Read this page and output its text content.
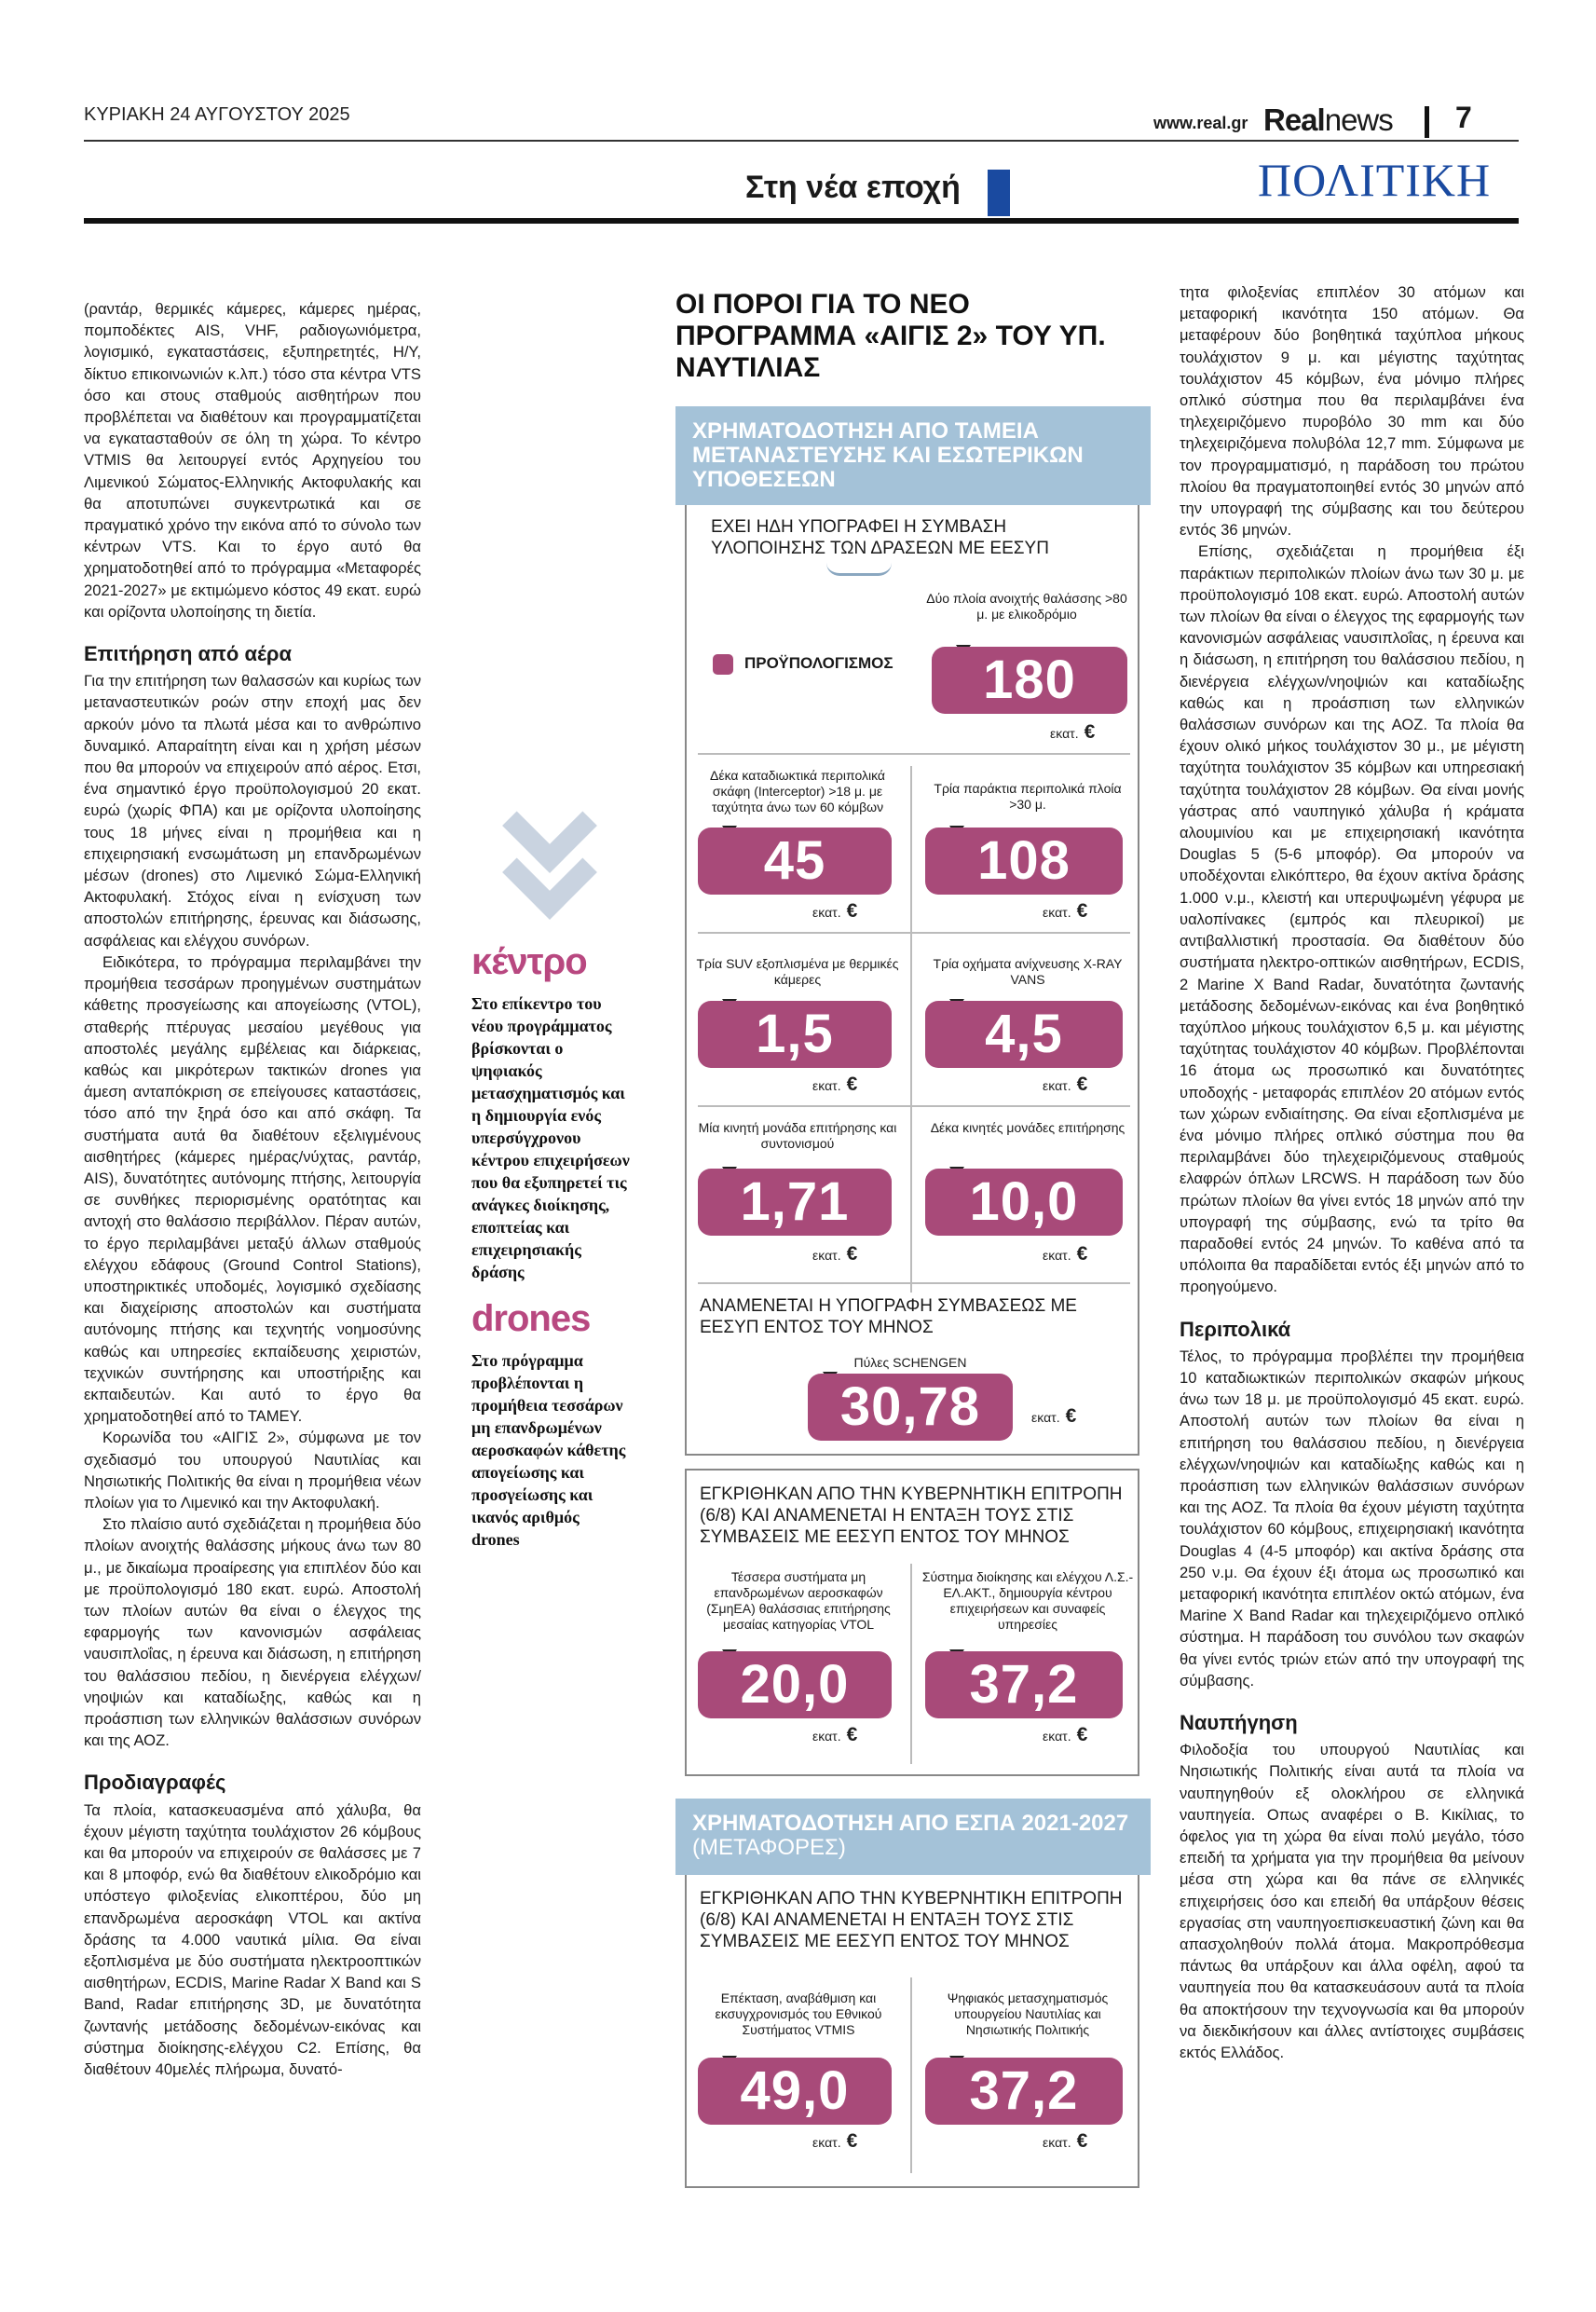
ΚΥΡΙΑΚΗ 24 ΑΥΓΟΥΣΤΟΥ 2025	www.real.gr Realnews 7
Στη νέα εποχή	ΠΟΛΙΤΙΚΗ

(ραντάρ, θερμικές κάμερες, κάμερες ημέρας, πομποδέκτες AIS, VHF, ραδιογωνιόμετρα, λογισμικό, εγκαταστάσεις, εξυπηρετητές, Η/Υ, δίκτυο επικοινωνιών κ.λπ.) τόσο στα κέντρα VTS όσο και στους σταθμούς αισθητήρων που προβλέπεται να διαθέτουν και προγραμματίζεται να εγκατασταθούν σε όλη τη χώρα. Το κέντρο VTMIS θα λειτουργεί εντός Αρχηγείου του Λιμενικού Σώματος-Ελληνικής Ακτοφυλακής και θα αποτυπώνει συγκεντρωτικά και σε πραγματικό χρόνο την εικόνα από το σύνολο των κέντρων VTS. Και το έργο αυτό θα χρηματοδοτηθεί από το πρόγραμμα «Μεταφορές 2021-2027» με εκτιμώμενο κόστος 49 εκατ. ευρώ και ορίζοντα υλοποίησης τη διετία.

Επιτήρηση από αέρα

Για την επιτήρηση των θαλασσών και κυρίως των μεταναστευτικών ροών στην εποχή μας δεν αρκούν μόνο τα πλωτά μέσα και το ανθρώπινο δυναμικό. Απαραίτητη είναι και η χρήση μέσων που θα μπορούν να επιχειρούν από αέρος. Ετσι, ένα σημαντικό έργο προϋπολογισμού 20 εκατ. ευρώ (χωρίς ΦΠΑ) και με ορίζοντα υλοποίησης τους 18 μήνες είναι η προμήθεια και η επιχειρησιακή ενσωμάτωση μη επανδρωμένων μέσων (drones) στο Λιμενικό Σώμα-Ελληνική Ακτοφυλακή. Στόχος είναι η ενίσχυση των αποστολών επιτήρησης, έρευνας και διάσωσης, ασφάλειας και ελέγχου συνόρων.

Ειδικότερα, το πρόγραμμα περιλαμβάνει την προμήθεια τεσσάρων προηγμένων συστημάτων κάθετης προσγείωσης και απογείωσης (VTOL), σταθερής πτέρυγας μεσαίου μεγέθους για αποστολές μεγάλης εμβέλειας και διάρκειας, καθώς και μικρότερων τακτικών drones για άμεση ανταπόκριση σε επείγουσες καταστάσεις, τόσο από την ξηρά όσο και από σκάφη. Τα συστήματα αυτά θα διαθέτουν εξελιγμένους αισθητήρες (κάμερες ημέρας/νύχτας, ραντάρ, AIS), δυνατότητες αυτόνομης πτήσης, λειτουργία σε συνθήκες περιορισμένης ορατότητας και αντοχή στο θαλάσσιο περιβάλλον. Πέραν αυτών, το έργο περιλαμβάνει μεταξύ άλλων σταθμούς ελέγχου εδάφους (Ground Control Stations), υποστηρικτικές υποδομές, λογισμικό σχεδίασης και διαχείρισης αποστολών και συστήματα αυτόνομης πτήσης και τεχνητής νοημοσύνης καθώς και υπηρεσίες εκπαίδευσης χειριστών, τεχνικών συντήρησης και υποστήριξης και εκπαιδευτών. Και αυτό το έργο θα χρηματοδοτηθεί από το ΤΑΜΕΥ.

Κορωνίδα του «ΑΙΓΙΣ 2», σύμφωνα με τον σχεδιασμό του υπουργού Ναυτιλίας και Νησιωτικής Πολιτικής θα είναι η προμήθεια νέων πλοίων για το Λιμενικό και την Ακτοφυλακή.

Στο πλαίσιο αυτό σχεδιάζεται η προμήθεια δύο πλοίων ανοιχτής θαλάσσης μήκους άνω των 80 μ., με δικαίωμα προαίρεσης για επιπλέον δύο και με προϋπολογισμό 180 εκατ. ευρώ. Αποστολή των πλοίων αυτών θα είναι ο έλεγχος της εφαρμογής των κανονισμών ασφάλειας ναυσιπλοΐας, η έρευνα και διάσωση, η επιτήρηση του θαλάσσιου πεδίου, η διενέργεια ελέγχων/νηοψιών και καταδίωξης, καθώς και η προάσπιση των ελληνικών θαλάσσιων συνόρων και της ΑΟΖ.

Προδιαγραφές

Τα πλοία, κατασκευασμένα από χάλυβα, θα έχουν μέγιστη ταχύτητα τουλάχιστον 26 κόμβους και θα μπορούν να επιχειρούν σε θαλάσσες με 7 και 8 μποφόρ, ενώ θα διαθέτουν ελικοδρόμιο και υπόστεγο φιλοξενίας ελικοπτέρου, δύο μη επανδρωμένα αεροσκάφη VTOL και ακτίνα δράσης τα 4.000 ναυτικά μίλια. Θα είναι εξοπλισμένα με δύο συστήματα ηλεκτροοπτικών αισθητήρων, ECDIS, Marine Radar X Band και S Band, Radar επιτήρησης 3D, με δυνατότητα ζωντανής μετάδοσης δεδομένων-εικόνας και σύστημα διοίκησης-ελέγχου C2. Επίσης, θα διαθέτουν 40μελές πλήρωμα, δυνατό-

τητα φιλοξενίας επιπλέον 30 ατόμων και μεταφορική ικανότητα 150 ατόμων. Θα μεταφέρουν δύο βοηθητικά ταχύπλοα μήκους τουλάχιστον 9 μ. και μέγιστης ταχύτητας τουλάχιστον 45 κόμβων, ένα μόνιμο πλήρες οπλικό σύστημα που θα περιλαμβάνει ένα τηλεχειριζόμενο πυροβόλο 30 mm και δύο τηλεχειριζόμενα πολυβόλα 12,7 mm. Σύμφωνα με τον προγραμματισμό, η παράδοση του πρώτου πλοίου θα πραγματοποιηθεί εντός 30 μηνών από την υπογραφή της σύμβασης και του δεύτερου εντός 36 μηνών.

Επίσης, σχεδιάζεται η προμήθεια έξι παράκτιων περιπολικών πλοίων άνω των 30 μ. με προϋπολογισμό 108 εκατ. ευρώ. Αποστολή αυτών των πλοίων θα είναι ο έλεγχος της εφαρμογής των κανονισμών ασφάλειας ναυσιπλοΐας, η έρευνα και η διάσωση, η επιτήρηση του θαλάσσιου πεδίου, η διενέργεια ελέγχων/νηοψιών και καταδίωξης καθώς και η προάσπιση των ελληνικών θαλάσσιων συνόρων και της ΑΟΖ. Τα πλοία θα έχουν ολικό μήκος τουλάχιστον 30 μ., με μέγιστη ταχύτητα τουλάχιστον 35 κόμβων και υπηρεσιακή ταχύτητα τουλάχιστον 28 κόμβων. Θα είναι μονής γάστρας από ναυπηγικό χάλυβα ή κράματα αλουμινίου και με επιχειρησιακή ικανότητα Douglas 5 (5-6 μποφόρ). Θα μπορούν να υποδέχονται ελικόπτερο, θα έχουν ακτίνα δράσης 1.000 ν.μ., κλειστή και υπερυψωμένη γέφυρα με υαλοπίνακες (εμπρός και πλευρικοί) με αντιβαλλιστική προστασία. Θα διαθέτουν δύο συστήματα ηλεκτρο-οπτικών αισθητήρων, ECDIS, 2 Marine X Band Radar, δυνατότητα ζωντανής μετάδοσης δεδομένων-εικόνας και ένα βοηθητικό ταχύπλοο μήκους τουλάχιστον 6,5 μ. και μέγιστης ταχύτητας τουλάχιστον 40 κόμβων. Προβλέπονται 16 άτομα ως προσωπικό και δυνατότητες υποδοχής - μεταφοράς επιπλέον 20 ατόμων εντός των χώρων ενδιαίτησης. Θα είναι εξοπλισμένα με ένα μόνιμο πλήρες οπλικό σύστημα που θα περιλαμβάνει δύο τηλεχειριζόμενους σταθμούς ελαφρών όπλων LRCWS. Η παράδοση των δύο πρώτων πλοίων θα γίνει εντός 18 μηνών από την υπογραφή της σύμβασης, ενώ τα τρίτο θα παραδοθεί εντός 24 μηνών. Το καθένα από τα υπόλοιπα θα παραδίδεται εντός έξι μηνών από το προηγούμενο.

Περιπολικά

Τέλος, το πρόγραμμα προβλέπει την προμήθεια 10 καταδιωκτικών περιπολικών σκαφών μήκους άνω των 18 μ. με προϋπολογισμό 45 εκατ. ευρώ. Αποστολή αυτών των πλοίων θα είναι η επιτήρηση του θαλάσσιου πεδίου, η διενέργεια ελέγχων/νηοψιών και καταδίωξης καθώς και η προάσπιση των ελληνικών θαλάσσιων συνόρων και της ΑΟΖ. Τα πλοία θα έχουν μέγιστη ταχύτητα τουλάχιστον 60 κόμβους, επιχειρησιακή ικανότητα Douglas 4 (4-5 μποφόρ) και ακτίνα δράσης στα 250 ν.μ. Θα έχουν έξι άτομα ως προσωπικό και μεταφορική ικανότητα επιπλέον οκτώ ατόμων, ένα Marine X Band Radar και τηλεχειριζόμενο οπλικό σύστημα. Η παράδοση του συνόλου των σκαφών θα γίνει εντός τριών ετών από την υπογραφή της σύμβασης.

Ναυπήγηση

Φιλοδοξία του υπουργού Ναυτιλίας και Νησιωτικής Πολιτικής είναι αυτά τα πλοία να ναυπηγηθούν εξ ολοκλήρου σε ελληνικά ναυπηγεία. Οπως αναφέρει ο Β. Κικίλιας, το όφελος για τη χώρα θα είναι πολύ μεγάλο, τόσο επειδή τα χρήματα για την προμήθεια θα μείνουν μέσα στη χώρα και θα πάνε σε ελληνικές επιχειρήσεις όσο και επειδή θα υπάρξουν θέσεις εργασίας στη ναυπηγοεπισκευαστική ζώνη και θα απασχοληθούν πολλά άτομα. Μακροπρόθεσμα πάντως θα υπάρξουν και άλλα οφέλη, αφού τα ναυπηγεία που θα κατασκευάσουν αυτά τα πλοία θα αποκτήσουν την τεχνογνωσία και θα μπορούν να διεκδικήσουν και άλλες αντίστοιχες συμβάσεις εκτός Ελλάδος.

κέντρο
Στο επίκεντρο του νέου προγράμματος βρίσκονται ο ψηφιακός μετασχηματισμός και η δημιουργία ενός υπερσύγχρονου κέντρου επιχειρήσεων που θα εξυπηρετεί τις ανάγκες διοίκησης, εποπτείας και επιχειρησιακής δράσης
drones
Στο πρόγραμμα προβλέπονται η προμήθεια τεσσάρων μη επανδρωμένων αεροσκαφών κάθετης απογείωσης και προσγείωσης και ικανός αριθμός drones
ΟΙ ΠΟΡΟΙ ΓΙΑ ΤΟ ΝΕΟ ΠΡΟΓΡΑΜΜΑ «ΑΙΓΙΣ 2» ΤΟΥ ΥΠ. ΝΑΥΤΙΛΙΑΣ
ΧΡΗΜΑΤΟΔΟΤΗΣΗ ΑΠΟ ΤΑΜΕΙΑ ΜΕΤΑΝΑΣΤΕΥΣΗΣ ΚΑΙ ΕΣΩΤΕΡΙΚΩΝ ΥΠΟΘΕΣΕΩΝ
ΕΧΕΙ ΗΔΗ ΥΠΟΓΡΑΦΕΙ Η ΣΥΜΒΑΣΗ ΥΛΟΠΟΙΗΣΗΣ ΤΩΝ ΔΡΑΣΕΩΝ ΜΕ ΕΕΣΥΠ
ΠΡΟΫΠΟΛΟΓΙΣΜΟΣ
Δύο πλοία ανοιχτής θαλάσσης >80 μ. με ελικοδρόμιο
180
εκατ. €
Δέκα καταδιωκτικά περιπολικά σκάφη (Interceptor) >18 μ. με ταχύτητα άνω των 60 κόμβων
45
εκατ. €
Τρία παράκτια περιπολικά πλοία >30 μ.
108
εκατ. €
Τρία SUV εξοπλισμένα με θερμικές κάμερες
1,5
εκατ. €
Τρία οχήματα ανίχνευσης X-RAY VANS
4,5
εκατ. €
Μία κινητή μονάδα επιτήρησης και συντονισμού
1,71
εκατ. €
Δέκα κινητές μονάδες επιτήρησης
10,0
εκατ. €
ΑΝΑΜΕΝΕΤΑΙ Η ΥΠΟΓΡΑΦΗ ΣΥΜΒΑΣΕΩΣ ΜΕ ΕΕΣΥΠ ΕΝΤΟΣ ΤΟΥ ΜΗΝΟΣ
Πύλες SCHENGEN
30,78	εκατ. €
ΕΓΚΡΙΘΗΚΑΝ ΑΠΟ ΤΗΝ ΚΥΒΕΡΝΗΤΙΚΗ ΕΠΙΤΡΟΠΗ (6/8) ΚΑΙ ΑΝΑΜΕΝΕΤΑΙ Η ΕΝΤΑΞΗ ΤΟΥΣ ΣΤΙΣ ΣΥΜΒΑΣΕΙΣ ΜΕ ΕΕΣΥΠ ΕΝΤΟΣ ΤΟΥ ΜΗΝΟΣ
Τέσσερα συστήματα μη επανδρωμένων αεροσκαφών (ΣμηΕΑ) θαλάσσιας επιτήρησης μεσαίας κατηγορίας VTOL
20,0
εκατ. €
Σύστημα διοίκησης και ελέγχου Λ.Σ.-ΕΛ.ΑΚΤ., δημιουργία κέντρου επιχειρήσεων και συναφείς υπηρεσίες
37,2
εκατ. €
ΧΡΗΜΑΤΟΔΟΤΗΣΗ ΑΠΟ ΕΣΠΑ 2021-2027 (ΜΕΤΑΦΟΡΕΣ)
ΕΓΚΡΙΘΗΚΑΝ ΑΠΟ ΤΗΝ ΚΥΒΕΡΝΗΤΙΚΗ ΕΠΙΤΡΟΠΗ (6/8) ΚΑΙ ΑΝΑΜΕΝΕΤΑΙ Η ΕΝΤΑΞΗ ΤΟΥΣ ΣΤΙΣ ΣΥΜΒΑΣΕΙΣ ΜΕ ΕΕΣΥΠ ΕΝΤΟΣ ΤΟΥ ΜΗΝΟΣ
Επέκταση, αναβάθμιση και εκσυγχρονισμός του Εθνικού Συστήματος VTMIS
49,0
εκατ. €
Ψηφιακός μετασχηματισμός υπουργείου Ναυτιλίας και Νησιωτικής Πολιτικής
37,2
εκατ. €
